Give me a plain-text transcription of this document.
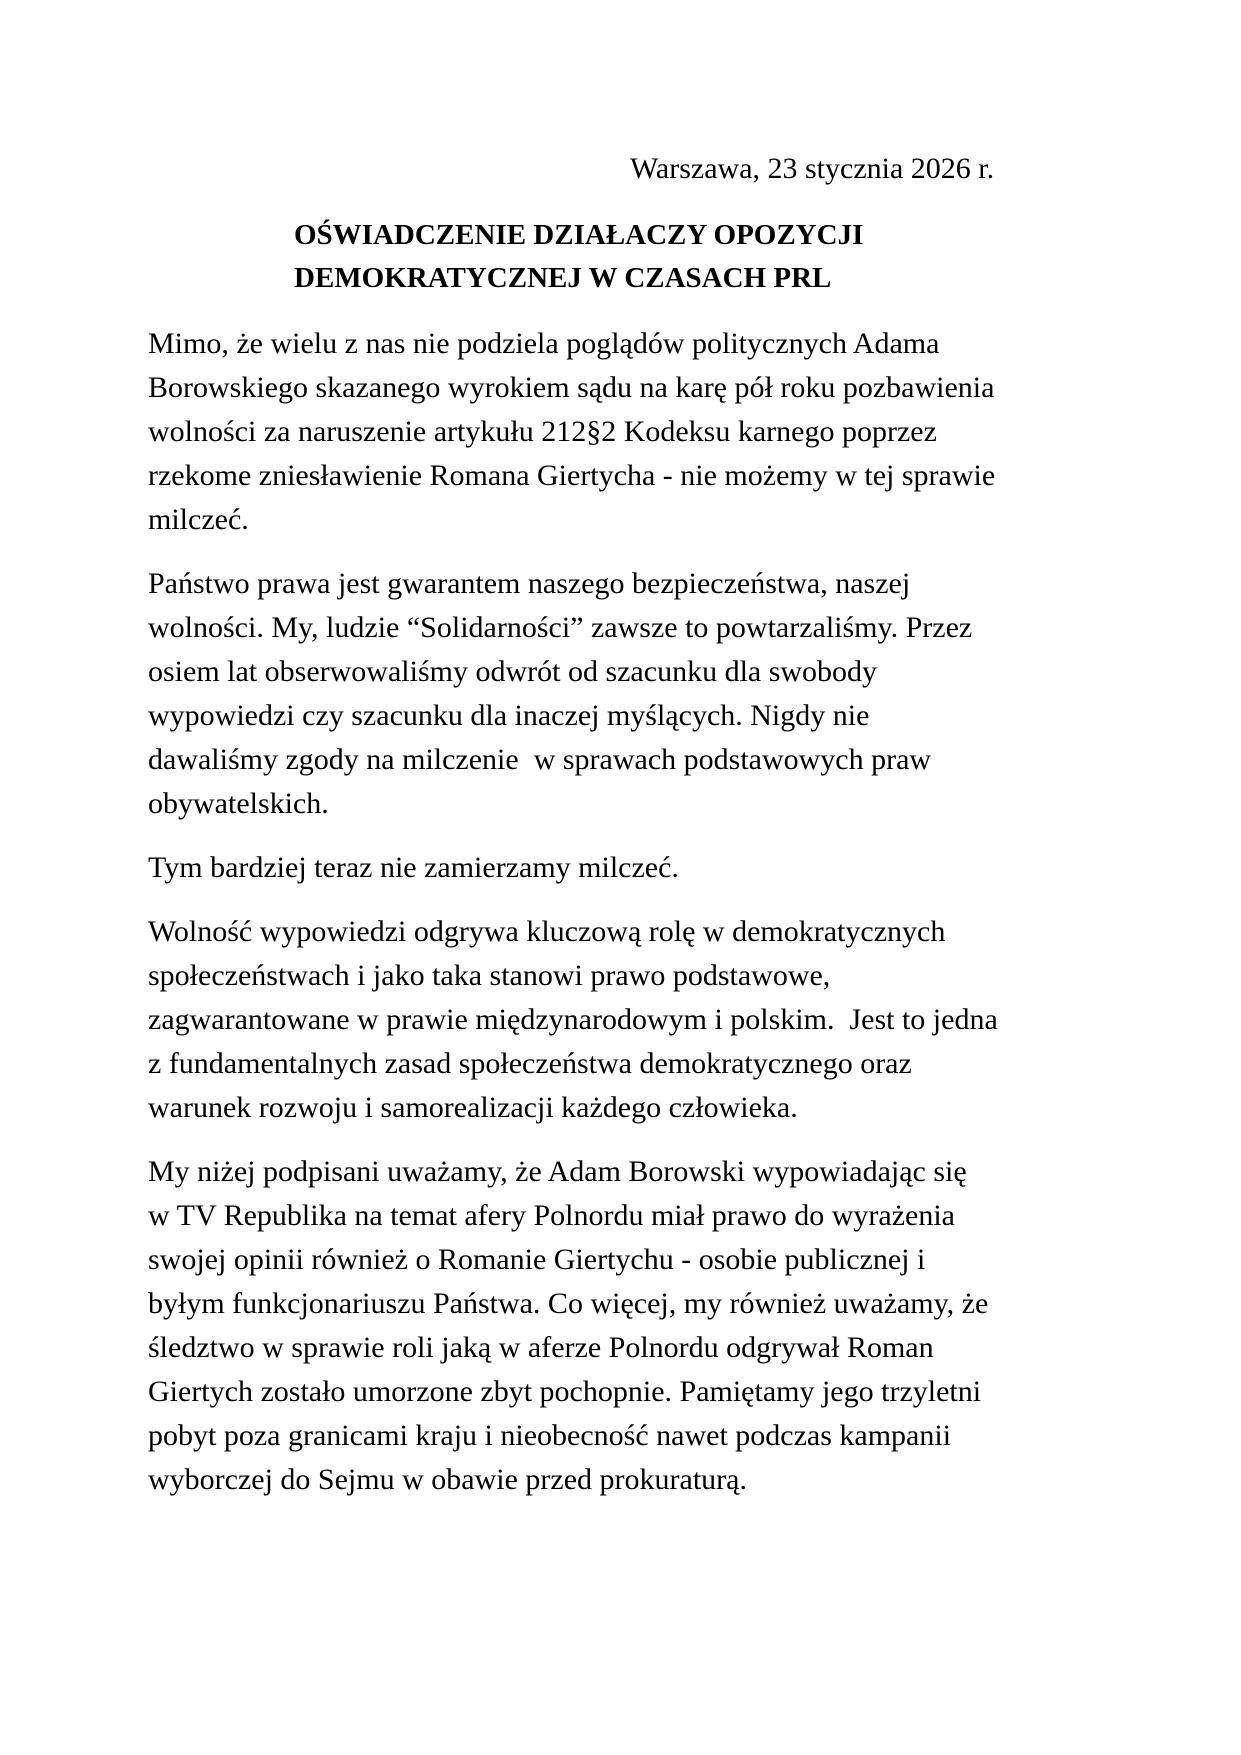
Warszawa, 23 stycznia 2026 r.
OŚWIADCZENIE DZIAŁACZY OPOZYCJI
DEMOKRATYCZNEJ W CZASACH PRL

Mimo, że wielu z nas nie podziela poglądów politycznych Adama
Borowskiego skazanego wyrokiem sądu na karę pół roku pozbawienia
wolności za naruszenie artykułu 212§2 Kodeksu karnego poprzez
rzekome zniesławienie Romana Giertycha - nie możemy w tej sprawie
milczeć.

Państwo prawa jest gwarantem naszego bezpieczeństwa, naszej
wolności. My, ludzie “Solidarności” zawsze to powtarzaliśmy. Przez
osiem lat obserwowaliśmy odwrót od szacunku dla swobody
wypowiedzi czy szacunku dla inaczej myślących. Nigdy nie
dawaliśmy zgody na milczenie  w sprawach podstawowych praw
obywatelskich.

Tym bardziej teraz nie zamierzamy milczeć.

Wolność wypowiedzi odgrywa kluczową rolę w demokratycznych
społeczeństwach i jako taka stanowi prawo podstawowe,
zagwarantowane w prawie międzynarodowym i polskim.  Jest to jedna
z fundamentalnych zasad społeczeństwa demokratycznego oraz
warunek rozwoju i samorealizacji każdego człowieka.

My niżej podpisani uważamy, że Adam Borowski wypowiadając się
w TV Republika na temat afery Polnordu miał prawo do wyrażenia
swojej opinii również o Romanie Giertychu - osobie publicznej i
byłym funkcjonariuszu Państwa. Co więcej, my również uważamy, że
śledztwo w sprawie roli jaką w aferze Polnordu odgrywał Roman
Giertych zostało umorzone zbyt pochopnie. Pamiętamy jego trzyletni
pobyt poza granicami kraju i nieobecność nawet podczas kampanii
wyborczej do Sejmu w obawie przed prokuraturą.
